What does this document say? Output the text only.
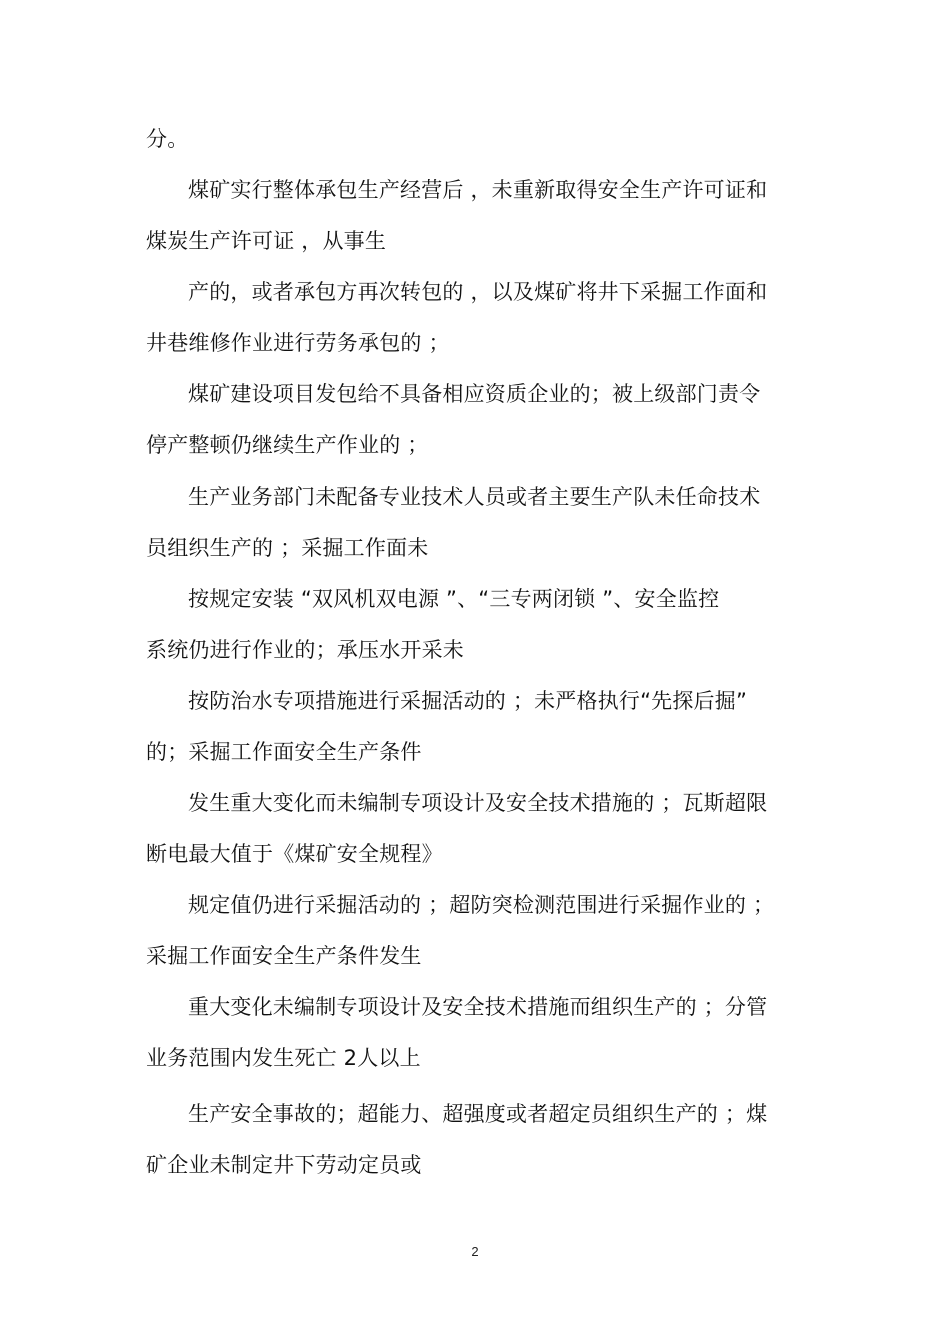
分。
煤矿实行整体承包生产经营后 ，未重新取得安全生产许可证和
煤炭生产许可证 ，从事生
产的，或者承包方再次转包的 ，以及煤矿将井下采掘工作面和
井巷维修作业进行劳务承包的 ；
煤矿建设项目发包给不具备相应资质企业的；被上级部门责令
停产整顿仍继续生产作业的 ；
生产业务部门未配备专业技术人员或者主要生产队未任命技术
员组织生产的 ；采掘工作面未
按规定安装 “双风机双电源 ”、“三专两闭锁 ”、安全监控
系统仍进行作业的；承压水开采未
按防治水专项措施进行采掘活动的 ；未严格执行“先探后掘”
的；采掘工作面安全生产条件
发生重大变化而未编制专项设计及安全技术措施的 ；瓦斯超限
断电最大值于《煤矿安全规程》
规定值仍进行采掘活动的 ；超防突检测范围进行采掘作业的 ；
采掘工作面安全生产条件发生
重大变化未编制专项设计及安全技术措施而组织生产的 ；分管
业务范围内发生死亡 2人以上
生产安全事故的；超能力、超强度或者超定员组织生产的 ；煤
矿企业未制定井下劳动定员或
2
